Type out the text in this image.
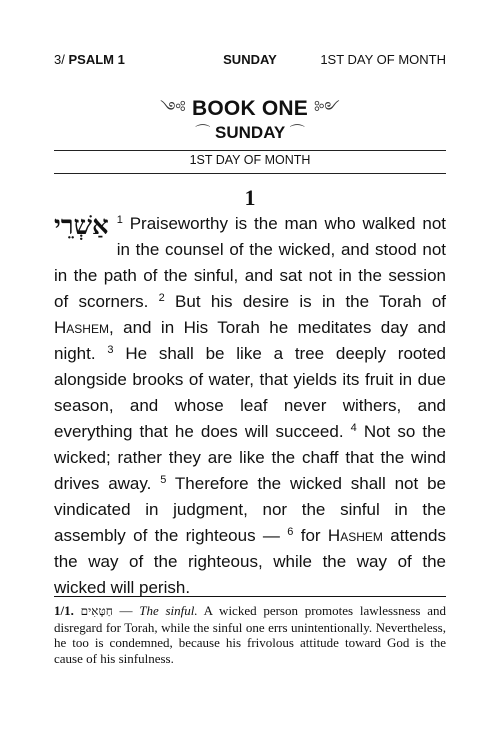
3/ PSALM 1	SUNDAY	1ST DAY OF MONTH
༺ BOOK ONE ༻
⌒ SUNDAY ⌒
1ST DAY OF MONTH
1

אַשְׁרֵי $^1$ Praiseworthy is the man who walked not in the counsel of the wicked, and stood not in the path of the sinful, and sat not in the session of scorners. $^2$ But his desire is in the Torah of Hashem, and in His Torah he meditates day and night. $^3$ He shall be like a tree deeply rooted alongside brooks of water, that yields its fruit in due season, and whose leaf never withers, and everything that he does will succeed. $^4$ Not so the wicked; rather they are like the chaff that the wind drives away. $^5$ Therefore the wicked shall not be vindicated in judgment, nor the sinful in the assembly of the righteous — $^6$ for Hashem attends the way of the righteous, while the way of the wicked will perish.

1/1. חַטָּאִים — The sinful. A wicked person promotes lawlessness and disregard for Torah, while the sinful one errs unintentionally. Nevertheless, he too is condemned, because his frivolous attitude toward God is the cause of his sinfulness.
